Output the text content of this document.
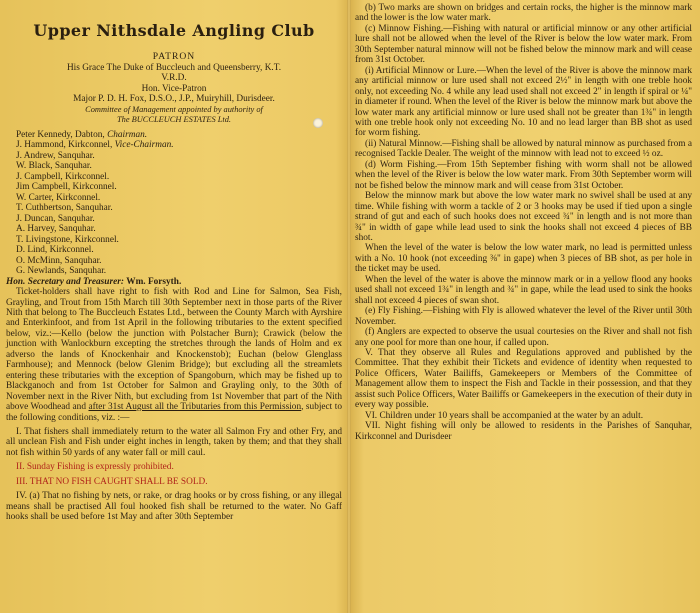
Upper Nithsdale Angling Club
PATRON
His Grace The Duke of Buccleuch and Queensberry, K.T.
V.R.D.
Hon. Vice-Patron
Major P. D. H. Fox, D.S.O., J.P., Muiryhill, Durisdeer.
Committee of Management appointed by authority of
The BUCCLEUCH ESTATES Ltd.
Peter Kennedy, Dabton, Chairman.
J. Hammond, Kirkconnel, Vice-Chairman.
J. Andrew, Sanquhar.
W. Black, Sanquhar.
J. Campbell, Kirkconnel.
Jim Campbell, Kirkconnel.
W. Carter, Kirkconnel.
T. Cuthbertson, Sanquhar.
J. Duncan, Sanquhar.
A. Harvey, Sanquhar.
T. Livingstone, Kirkconnel.
D. Lind, Kirkconnel.
O. McMinn, Sanquhar.
G. Newlands, Sanquhar.
Hon. Secretary and Treasurer: Wm. Forsyth.
Ticket-holders shall have right to fish with Rod and Line for Salmon, Sea Fish, Grayling, and Trout from 15th March till 30th September next in those parts of the River Nith that belong to The Buccleuch Estates Ltd., between the County March with Ayrshire and Enterkinfoot, and from 1st April in the following tributaries to the extent specified below, viz.:—Kello (below the junction with Polstacher Burn); Crawick (below the junction with Wanlockburn excepting the stretches through the lands of Holm and ex adverso the lands of Knockenhair and Knockenstob); Euchan (below Glenglass Farmhouse); and Mennock (below Glenim Bridge); but excluding all the streamlets entering these tributaries with the exception of Spangoburn, which may be fished up to Blackganoch and from 1st October for Salmon and Grayling only, to the 30th of November next in the River Nith, but excluding from 1st November that part of the Nith above Woodhead and after 31st August all the Tributaries from this Permission, subject to the following conditions, viz. :—
I. That fishers shall immediately return to the water all Salmon Fry and other Fry, and all unclean Fish and Fish under eight inches in length, taken by them; and that they shall not fish within 50 yards of any water fall or mill caul.
II. Sunday Fishing is expressly prohibited.
III. THAT NO FISH CAUGHT SHALL BE SOLD.
IV. (a) That no fishing by nets, or rake, or drag hooks or by cross fishing, or any illegal means shall be practised All foul hooked fish shall be returned to the water. No Gaff hooks shall be used before 1st May and after 30th September
(b) Two marks are shown on bridges and certain rocks, the higher is the minnow mark and the lower is the low water mark.
(c) Minnow Fishing.—Fishing with natural or artificial minnow or any other artificial lure shall not be allowed when the level of the River is below the low water mark. From 30th September natural minnow will not be fished below the minnow mark and will cease from 31st October.
(i) Artificial Minnow or Lure.—When the level of the River is above the minnow mark any artificial minnow or lure used shall not exceed 2½" in length with one treble hook only, not exceeding No. 4 while any lead used shall not exceed 2" in length if spiral or ¼" in diameter if round. When the level of the River is below the minnow mark but above the low water mark any artificial minnow or lure used shall not be greater than 1¾" in length with one treble hook only not exceeding No. 10 and no lead larger than BB shot as used for worm fishing.
(ii) Natural Minnow.—Fishing shall be allowed by natural minnow as purchased from a recognised Tackle Dealer. The weight of the minnow with lead not to exceed ½ oz.
(d) Worm Fishing.—From 15th September fishing with worm shall not be allowed when the level of the River is below the low water mark. From 30th September worm will not be fished below the minnow mark and will cease from 31st October.
Below the minnow mark but above the low water mark no swivel shall be used at any time. While fishing with worm a tackle of 2 or 3 hooks may be used if tied upon a single strand of gut and each of such hooks does not exceed ¾" in length and is not more than ¾" in width of gape while lead used to sink the hooks shall not exceed 4 pieces of BB shot.
When the level of the water is below the low water mark, no lead is permitted unless with a No. 10 hook (not exceeding ⅜" in gape) when 3 pieces of BB shot, as per hole in the ticket may be used.
When the level of the water is above the minnow mark or in a yellow flood any hooks used shall not exceed 1¾" in length and ¾" in gape, while the lead used to sink the hooks shall not exceed 4 pieces of swan shot.
(e) Fly Fishing.—Fishing with Fly is allowed whatever the level of the River until 30th November.
(f) Anglers are expected to observe the usual courtesies on the River and shall not fish any one pool for more than one hour, if called upon.
V. That they observe all Rules and Regulations approved and published by the Committee. That they exhibit their Tickets and evidence of identity when requested to Police Officers, Water Bailiffs, Gamekeepers or Members of the Committee of Management allow them to inspect the Fish and Tackle in their possession, and that they assist such Police Officers, Water Bailiffs or Gamekeepers in the execution of their duty in every way possible.
VI. Children under 10 years shall be accompanied at the water by an adult.
VII. Night fishing will only be allowed to residents in the Parishes of Sanquhar, Kirkconnel and Durisdeer
